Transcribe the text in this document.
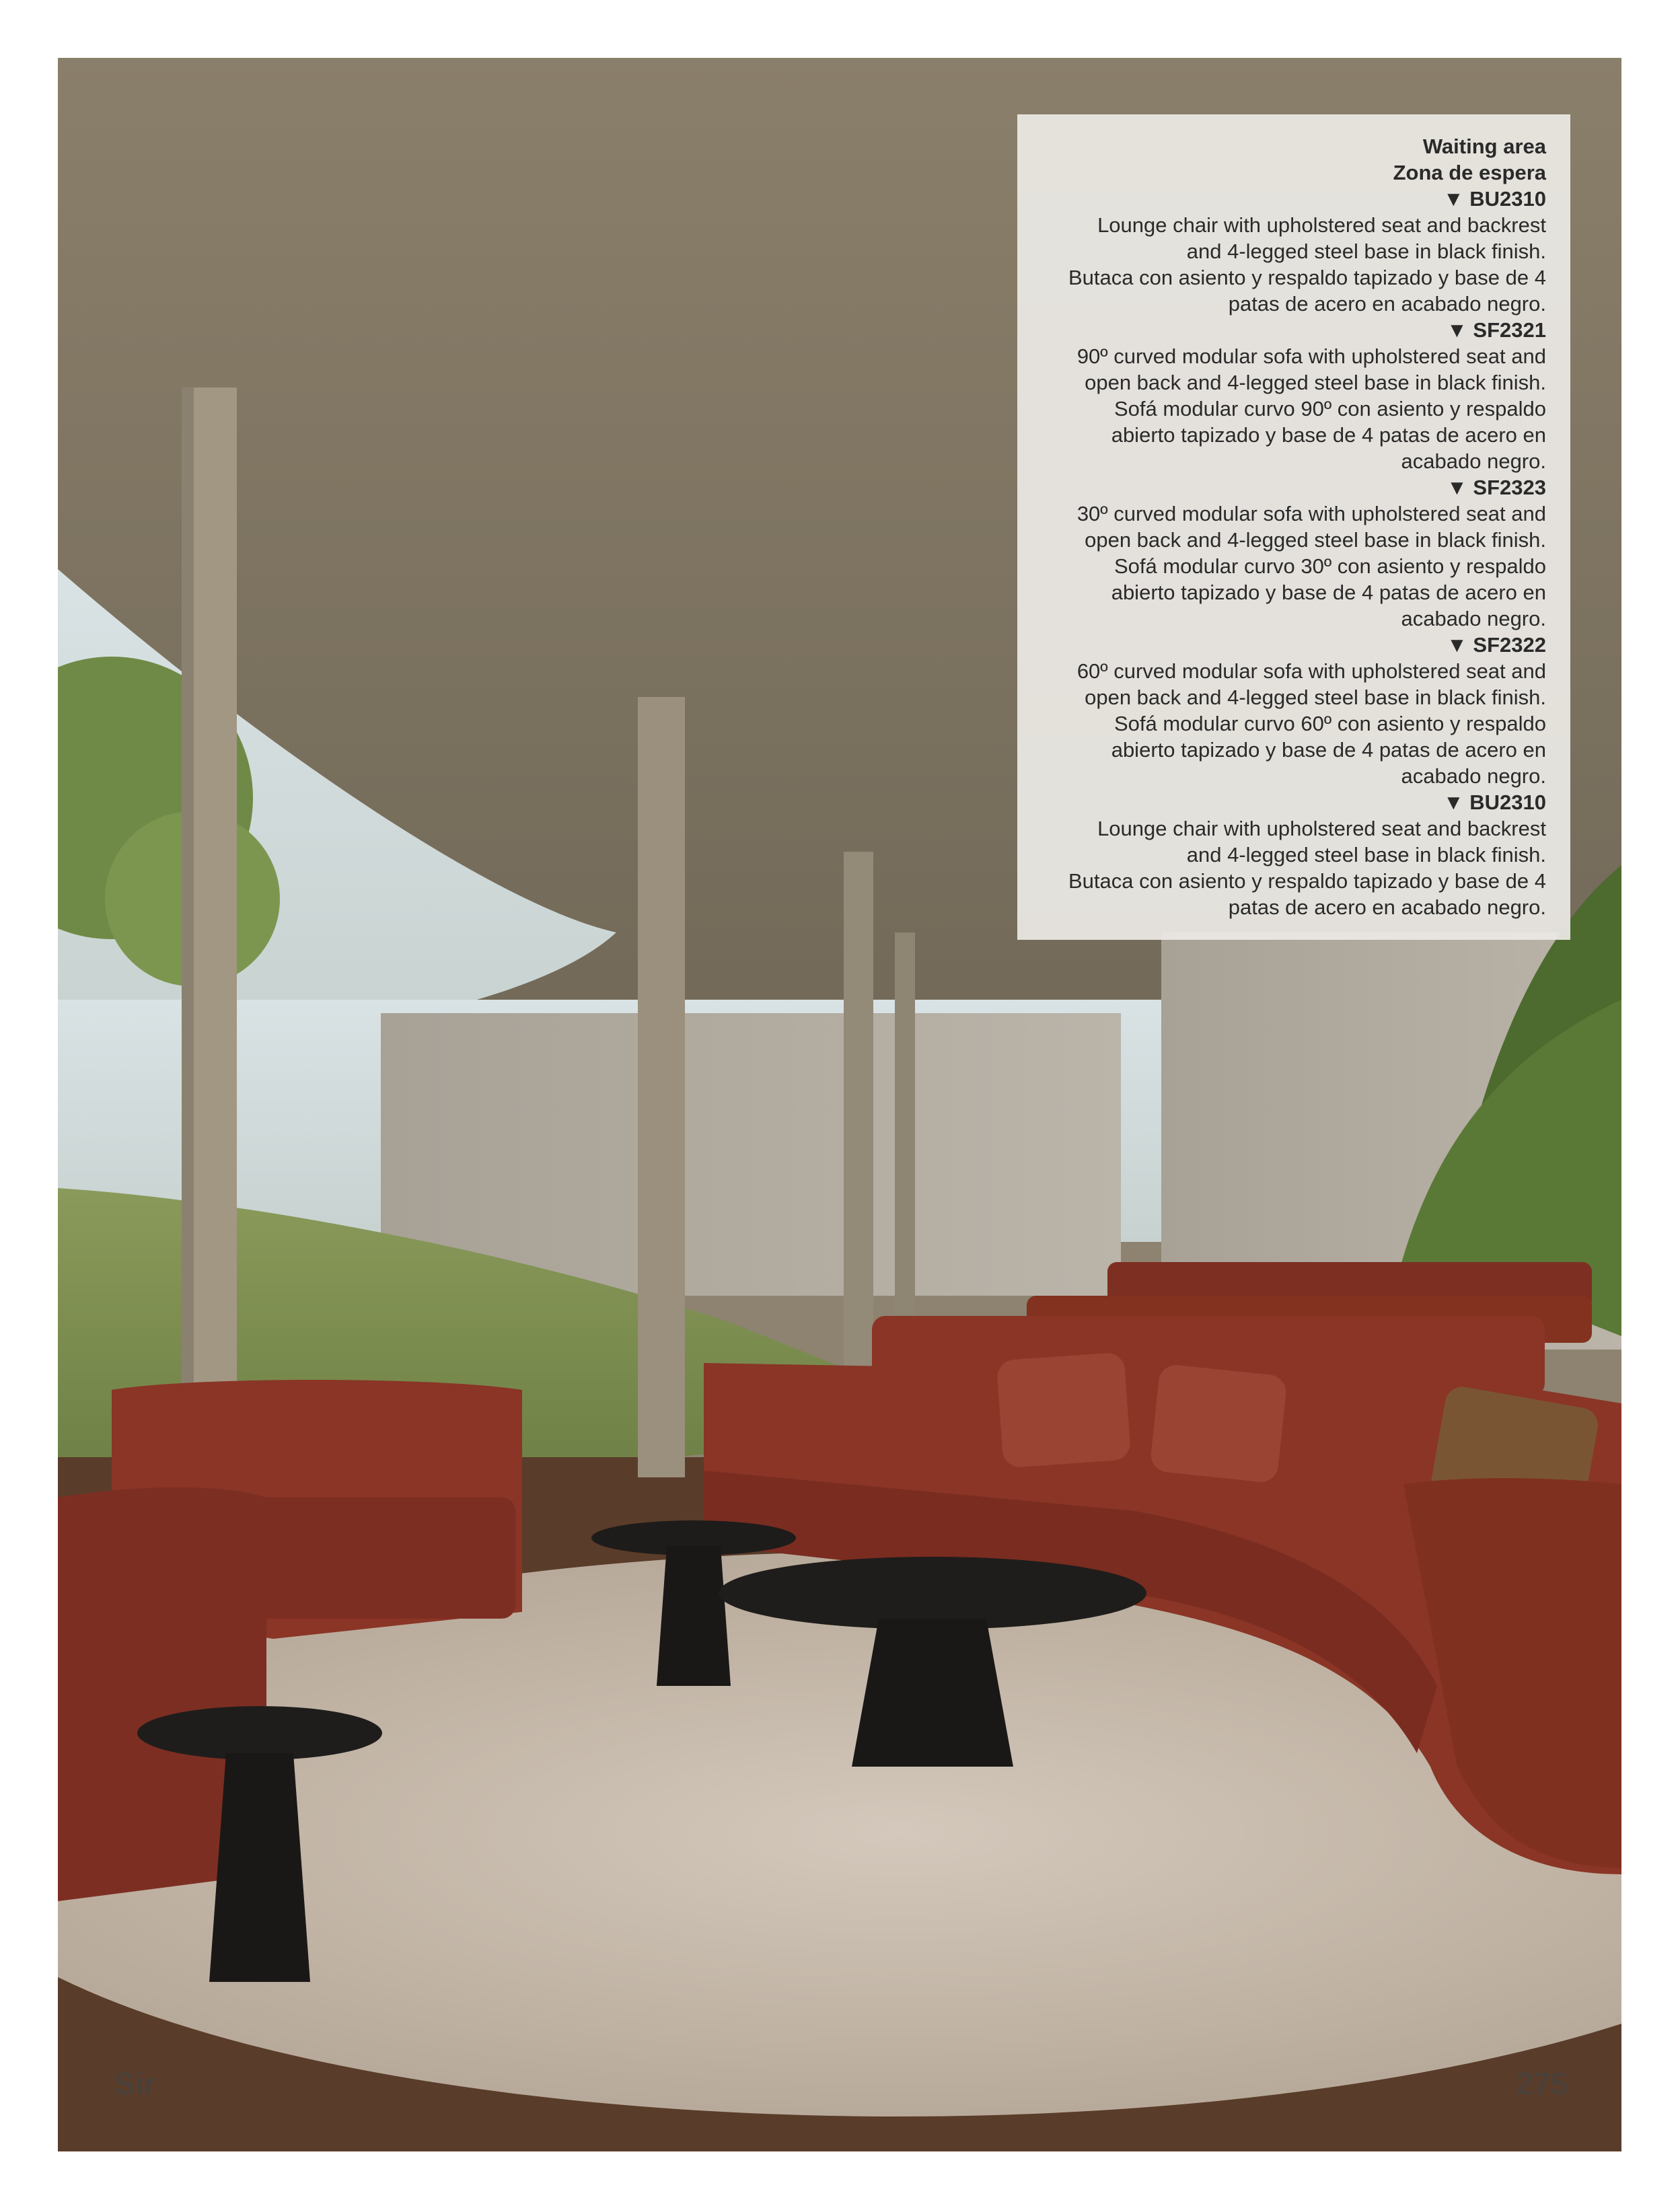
Waiting area
Zona de espera
▼ BU2310
Lounge chair with upholstered seat and backrest
and 4-legged steel base in black finish.
Butaca con asiento y respaldo tapizado y base de 4
patas de acero en acabado negro.
▼ SF2321
90º curved modular sofa with upholstered seat and
open back and 4-legged steel base in black finish.
Sofá modular curvo 90º con asiento y respaldo
abierto tapizado y base de 4 patas de acero en
acabado negro.
▼ SF2323
30º curved modular sofa with upholstered seat and
open back and 4-legged steel base in black finish.
Sofá modular curvo 30º con asiento y respaldo
abierto tapizado y base de 4 patas de acero en
acabado negro.
▼ SF2322
60º curved modular sofa with upholstered seat and
open back and 4-legged steel base in black finish.
Sofá modular curvo 60º con asiento y respaldo
abierto tapizado y base de 4 patas de acero en
acabado negro.
▼ BU2310
Lounge chair with upholstered seat and backrest
and 4-legged steel base in black finish.
Butaca con asiento y respaldo tapizado y base de 4
patas de acero en acabado negro.
Sir	275
